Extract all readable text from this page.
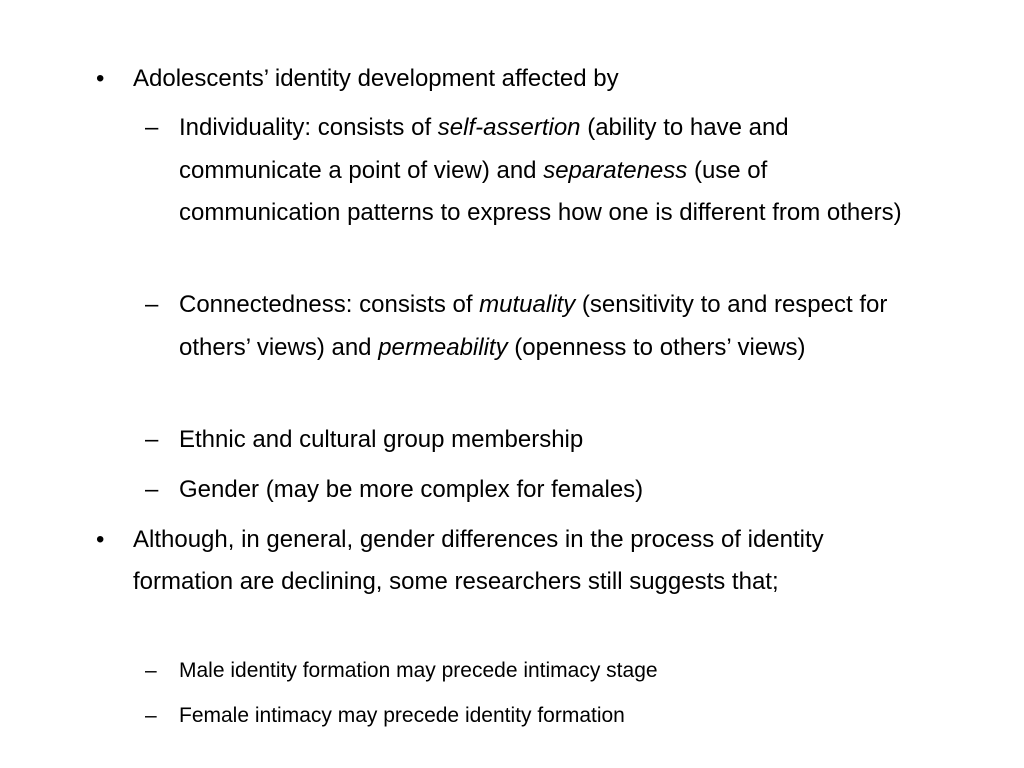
• Adolescents’ identity development affected by
– Individuality: consists of self-assertion (ability to have and communicate a point of view) and separateness (use of communication patterns to express how one is different from others)
– Connectedness: consists of mutuality (sensitivity to and respect for others’ views) and permeability (openness to others’ views)
– Ethnic and cultural group membership
– Gender (may be more complex for females)
• Although, in general, gender differences in the process of identity formation are declining, some researchers still suggests that;
– Male identity formation may precede intimacy stage
– Female intimacy may precede identity formation
